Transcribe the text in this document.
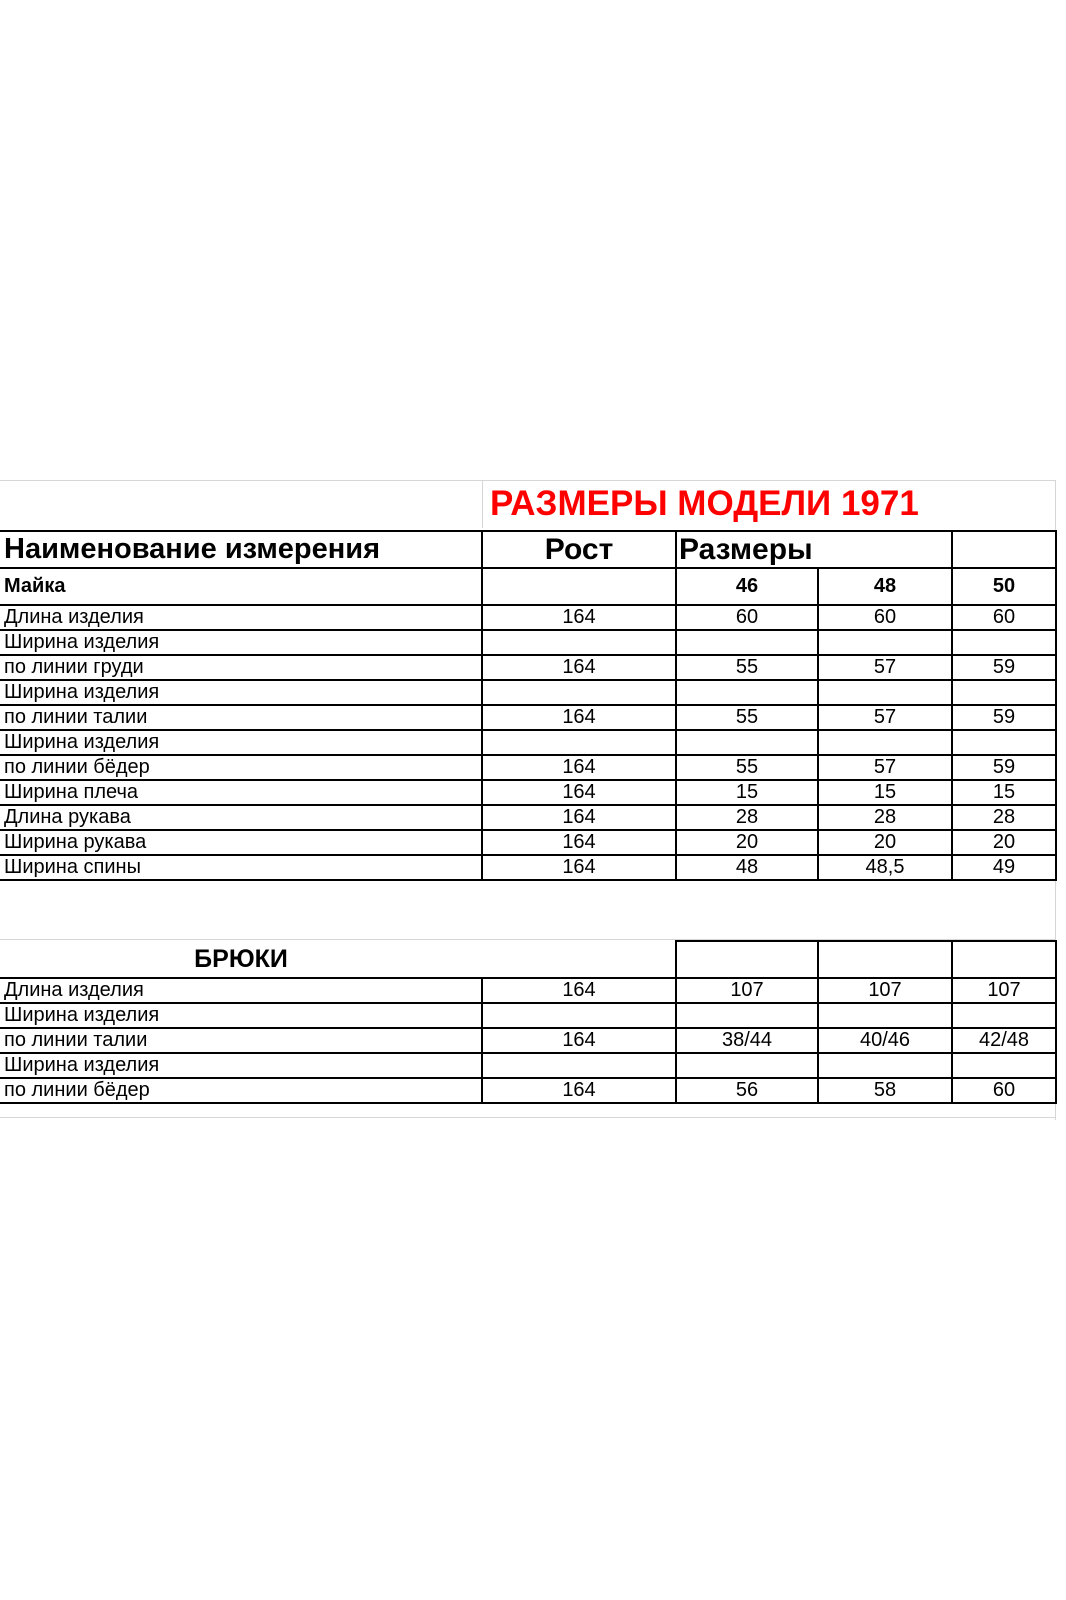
РАЗМЕРЫ МОДЕЛИ 1971
Наименование измерения	Рост	Размеры		
Майка		46	48	50
Длина изделия	164	60	60	60
Ширина изделия				
по линии груди	164	55	57	59
Ширина изделия				
по линии талии	164	55	57	59
Ширина изделия				
по линии бёдер	164	55	57	59
Ширина плеча	164	15	15	15
Длина рукава	164	28	28	28
Ширина рукава	164	20	20	20
Ширина спины	164	48	48,5	49
БРЮКИ				
Длина изделия	164	107	107	107
Ширина изделия				
по линии талии	164	38/44	40/46	42/48
Ширина изделия				
по линии бёдер	164	56	58	60
